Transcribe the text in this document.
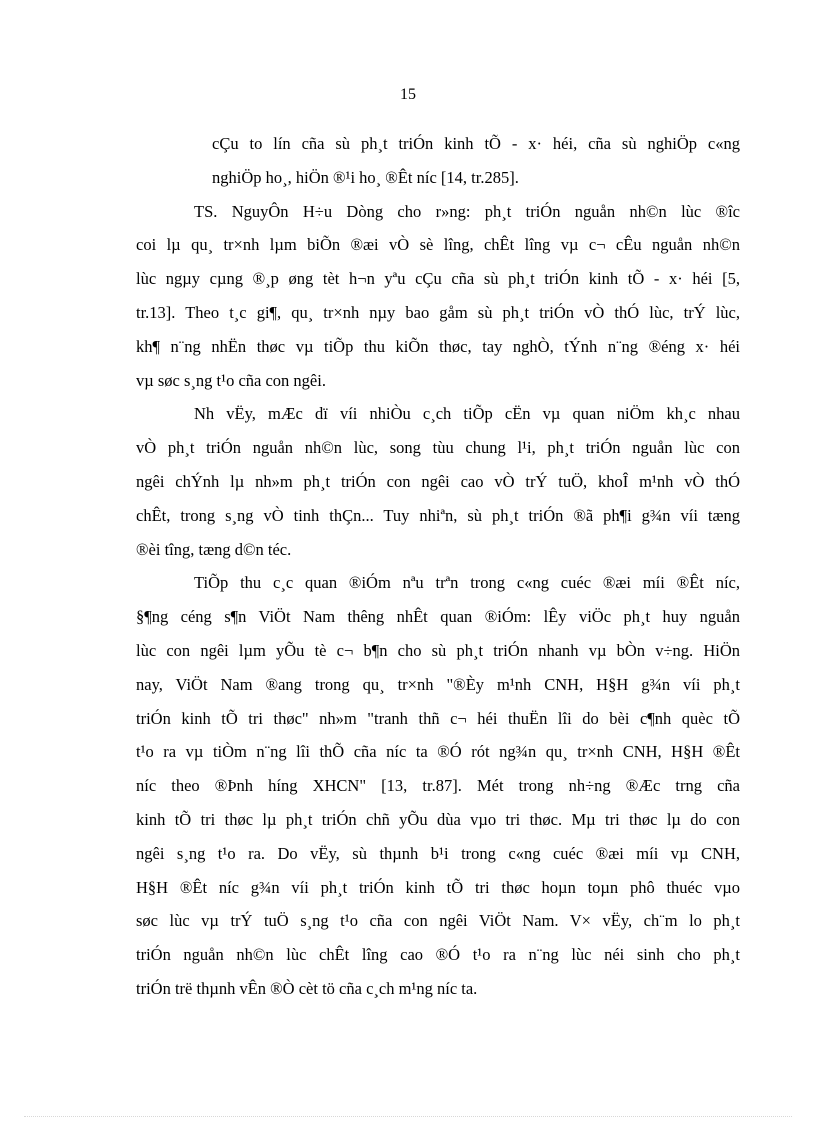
15
cÇu to lín cña sù ph¸t triÓn kinh tÕ - x· héi, cña sù nghiÖp c«ng
nghiÖp ho¸, hiÖn ®¹i ho¸ ®Êt níc [14, tr.285].
TS. NguyÔn H÷u Dòng cho r»ng: ph¸t triÓn nguån nh©n lùc ®îc
coi lµ qu¸ tr×nh lµm biÕn ®æi vÒ sè lîng, chÊt lîng vµ c¬ cÊu nguån nh©n
lùc ngµy cµng ®¸p øng tèt h¬n yªu cÇu cña sù ph¸t triÓn kinh tÕ - x· héi [5,
tr.13]. Theo t¸c gi¶, qu¸ tr×nh nµy bao gåm sù ph¸t triÓn vÒ thÓ lùc, trÝ lùc,
kh¶ n¨ng nhËn thøc vµ tiÕp thu kiÕn thøc, tay nghÒ, tÝnh n¨ng ®éng x· héi
vµ søc s¸ng t¹o cña con ngêi.
Nh vËy, mÆc dï víi nhiÒu c¸ch tiÕp cËn vµ quan niÖm kh¸c nhau
vÒ ph¸t triÓn nguån nh©n lùc, song tùu chung l¹i, ph¸t triÓn nguån lùc con
ngêi chÝnh lµ nh»m ph¸t triÓn con ngêi cao vÒ trÝ tuÖ, khoÎ m¹nh vÒ thÓ
chÊt, trong s¸ng vÒ tinh thÇn... Tuy nhiªn, sù ph¸t triÓn ®ã ph¶i g¾n víi tæng
®èi tîng, tæng d©n téc.
TiÕp thu c¸c quan ®iÓm nªu trªn trong c«ng cuéc ®æi míi ®Êt níc,
§¶ng céng s¶n ViÖt Nam thêng nhÊt quan ®iÓm: lÊy viÖc ph¸t huy nguån
lùc con ngêi lµm yÕu tè c¬ b¶n cho sù ph¸t triÓn nhanh vµ bÒn v÷ng. HiÖn
nay, ViÖt Nam ®ang trong qu¸ tr×nh "®Èy m¹nh CNH, H§H g¾n víi ph¸t
triÓn kinh tÕ tri thøc" nh»m "tranh thñ c¬ héi thuËn lîi do bèi c¶nh quèc tÕ
t¹o ra vµ tiÒm n¨ng lîi thÕ cña níc ta ®Ó rót ng¾n qu¸ tr×nh CNH, H§H ®Êt
níc theo ®Þnh híng XHCN" [13, tr.87]. Mét trong nh÷ng ®Æc trng cña
kinh tÕ tri thøc lµ ph¸t triÓn chñ yÕu dùa vµo tri thøc. Mµ tri thøc lµ do con
ngêi s¸ng t¹o ra. Do vËy, sù thµnh b¹i trong c«ng cuéc ®æi míi vµ CNH,
H§H ®Êt níc g¾n víi ph¸t triÓn kinh tÕ tri thøc hoµn toµn phô thuéc vµo
søc lùc vµ trÝ tuÖ s¸ng t¹o cña con ngêi ViÖt Nam. V× vËy, ch¨m lo ph¸t
triÓn nguån nh©n lùc chÊt lîng cao ®Ó t¹o ra n¨ng lùc néi sinh cho ph¸t
triÓn trë thµnh vÊn ®Ò cèt tö cña c¸ch m¹ng níc ta.
